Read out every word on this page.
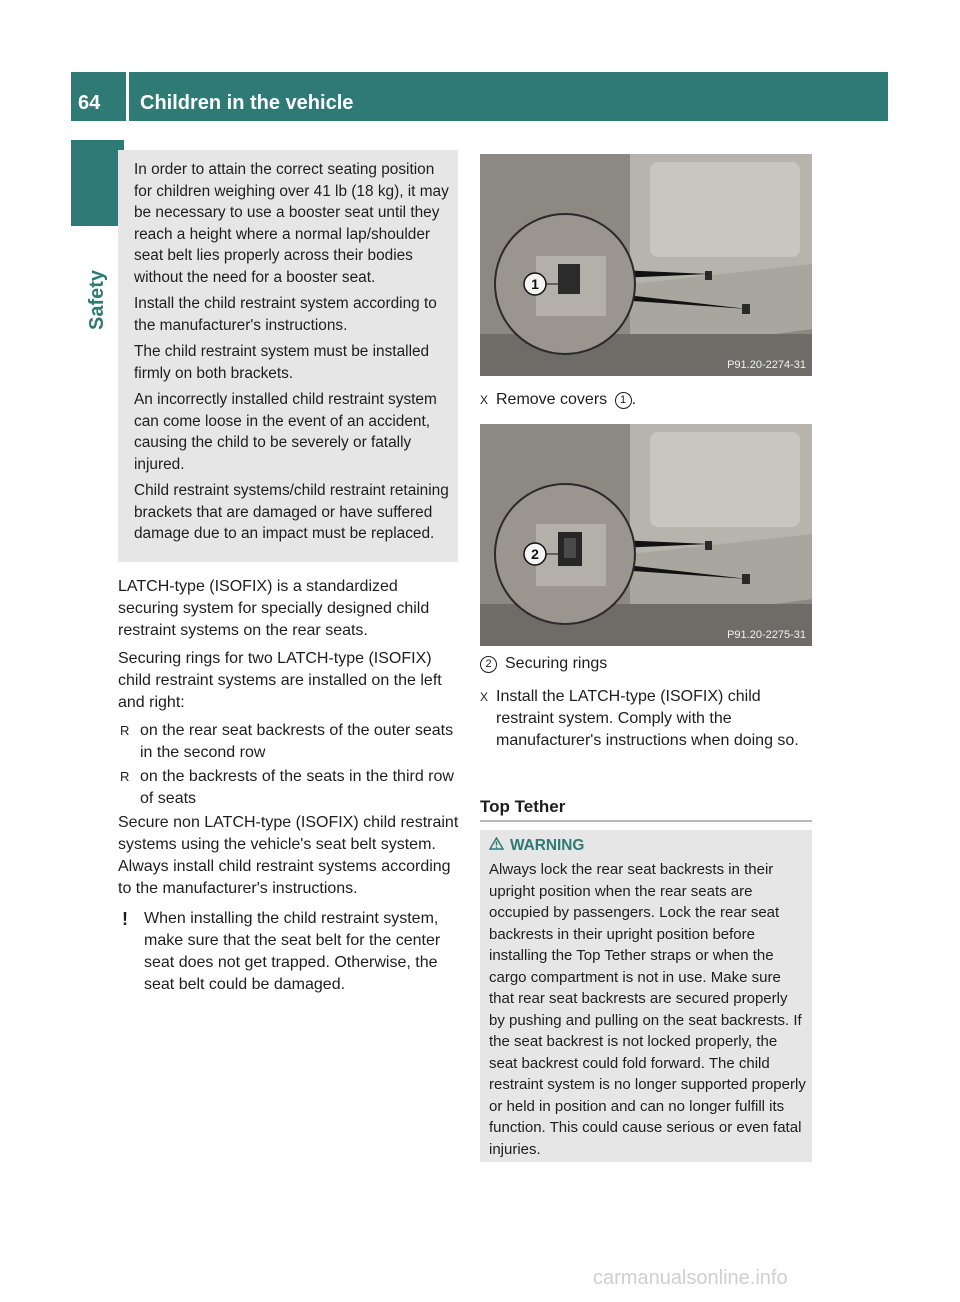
64	Children in the vehicle
Safety

In order to attain the correct seating position for children weighing over 41 lb (18 kg), it may be necessary to use a booster seat until they reach a height where a normal lap/shoulder seat belt lies properly across their bodies without the need for a booster seat.

Install the child restraint system according to the manufacturer's instructions.

The child restraint system must be installed firmly on both brackets.

An incorrectly installed child restraint system can come loose in the event of an accident, causing the child to be severely or fatally injured.

Child restraint systems/child restraint retaining brackets that are damaged or have suffered damage due to an impact must be replaced.

LATCH-type (ISOFIX) is a standardized securing system for specially designed child restraint systems on the rear seats.

Securing rings for two LATCH-type (ISOFIX) child restraint systems are installed on the left and right:

R on the rear seat backrests of the outer seats in the second row

R on the backrests of the seats in the third row of seats

Secure non LATCH-type (ISOFIX) child restraint systems using the vehicle's seat belt system. Always install child restraint systems according to the manufacturer's instructions.

! When installing the child restraint system, make sure that the seat belt for the center seat does not get trapped. Otherwise, the seat belt could be damaged.

1
P91.20-2274-31

X Remove covers 1 .

2
P91.20-2275-31

2 Securing rings

X Install the LATCH-type (ISOFIX) child restraint system. Comply with the manufacturer's instructions when doing so.

Top Tether

WARNING

Always lock the rear seat backrests in their upright position when the rear seats are occupied by passengers. Lock the rear seat backrests in their upright position before installing the Top Tether straps or when the cargo compartment is not in use. Make sure that rear seat backrests are secured properly by pushing and pulling on the seat backrests. If the seat backrest is not locked properly, the seat backrest could fold forward. The child restraint system is no longer supported properly or held in position and can no longer fulfill its function. This could cause serious or even fatal injuries.

carmanualsonline.info
